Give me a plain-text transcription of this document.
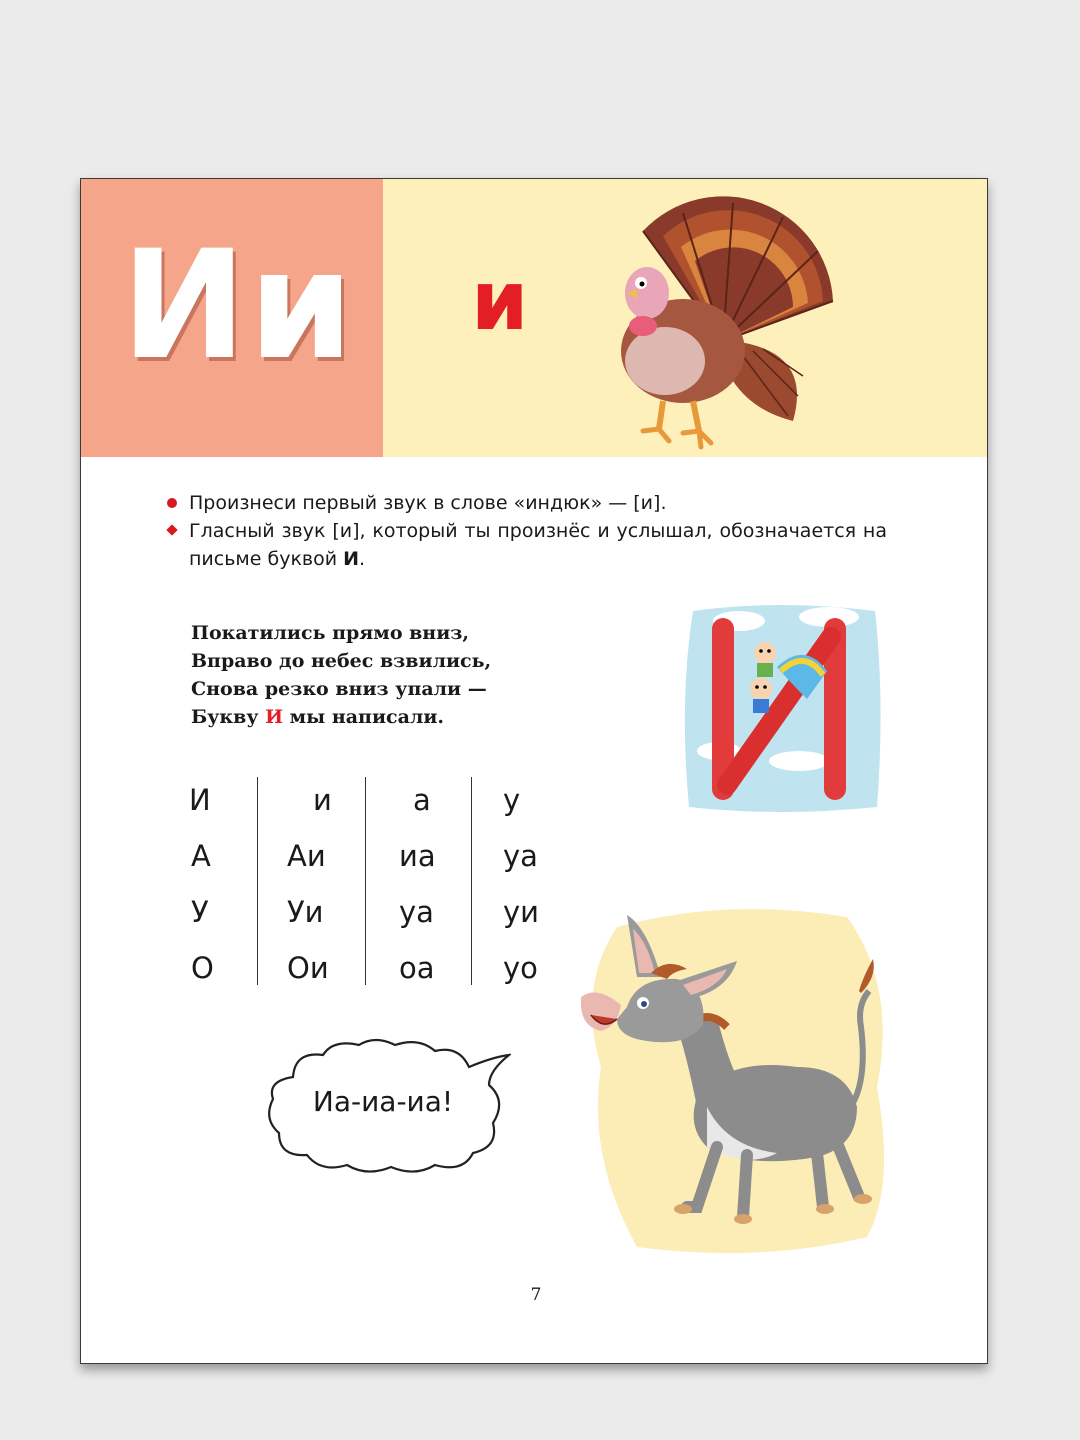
Ии и
Произнеси первый звук в слове «индюк» — [и].
Гласный звук [и], который ты произнёс и услышал, обозначается на письме буквой И.
Покатились прямо вниз,
Вправо до небес взвились,
Снова резко вниз упали —
Букву И мы написали.
И
А
У
О
и
Аи
Уи
Ои
а
иа
уа
оа
у
уа
уи
уо
Иа-иа-иа!
7
